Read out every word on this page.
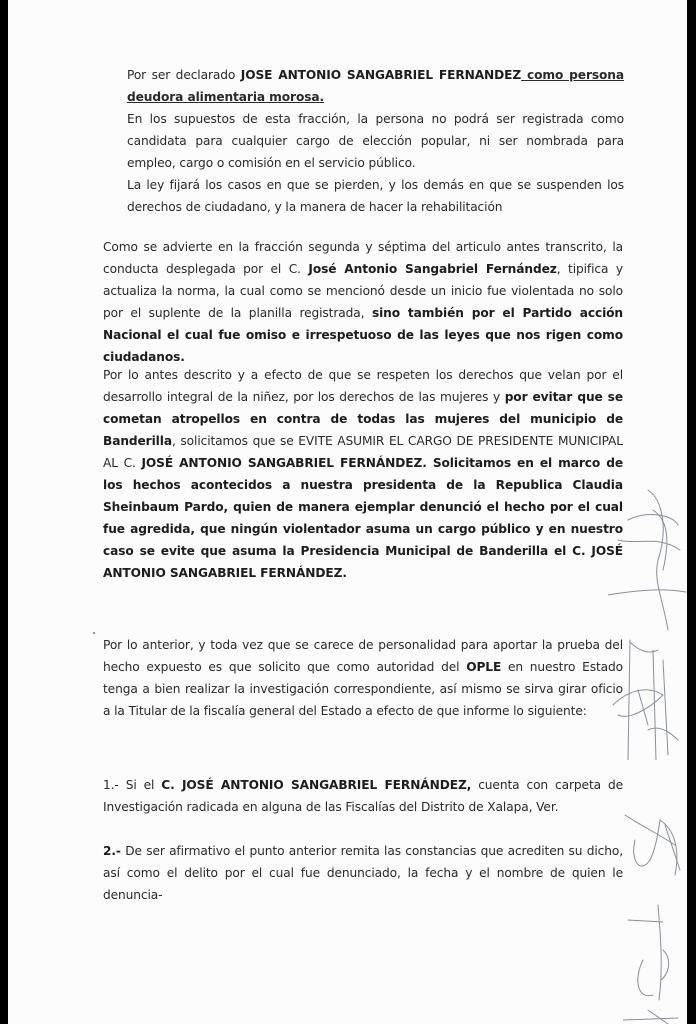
Por ser declarado JOSE ANTONIO SANGABRIEL FERNANDEZ como persona deudora alimentaria morosa.

En los supuestos de esta fracción, la persona no podrá ser registrada como candidata para cualquier cargo de elección popular, ni ser nombrada para empleo, cargo o comisión en el servicio público.

La ley fijará los casos en que se pierden, y los demás en que se suspenden los derechos de ciudadano, y la manera de hacer la rehabilitación

Como se advierte en la fracción segunda y séptima del articulo antes transcrito, la conducta desplegada por el C. José Antonio Sangabriel Fernández, tipifica y actualiza la norma, la cual como se mencionó desde un inicio fue violentada no solo por el suplente de la planilla registrada, sino también por el Partido acción Nacional el cual fue omiso e irrespetuoso de las leyes que nos rigen como ciudadanos.

Por lo antes descrito y a efecto de que se respeten los derechos que velan por el desarrollo integral de la niñez, por los derechos de las mujeres y por evitar que se cometan atropellos en contra de todas las mujeres del municipio de Banderilla, solicitamos que se EVITE ASUMIR EL CARGO DE PRESIDENTE MUNICIPAL AL C. JOSÉ ANTONIO SANGABRIEL FERNÁNDEZ. Solicitamos en el marco de los hechos acontecidos a nuestra presidenta de la Republica Claudia Sheinbaum Pardo, quien de manera ejemplar denunció el hecho por el cual fue agredida, que ningún violentador asuma un cargo público y en nuestro caso se evite que asuma la Presidencia Municipal de Banderilla el C. JOSÉ ANTONIO SANGABRIEL FERNÁNDEZ.

Por lo anterior, y toda vez que se carece de personalidad para aportar la prueba del hecho expuesto es que solicito que como autoridad del OPLE en nuestro Estado tenga a bien realizar la investigación correspondiente, así mismo se sirva girar oficio a la Titular de la fiscalía general del Estado a efecto de que informe lo siguiente:

1.- Si el C. JOSÉ ANTONIO SANGABRIEL FERNÁNDEZ, cuenta con carpeta de Investigación radicada en alguna de las Fiscalías del Distrito de Xalapa, Ver.

2.- De ser afirmativo el punto anterior remita las constancias que acrediten su dicho, así como el delito por el cual fue denunciado, la fecha y el nombre de quien le denuncia-
